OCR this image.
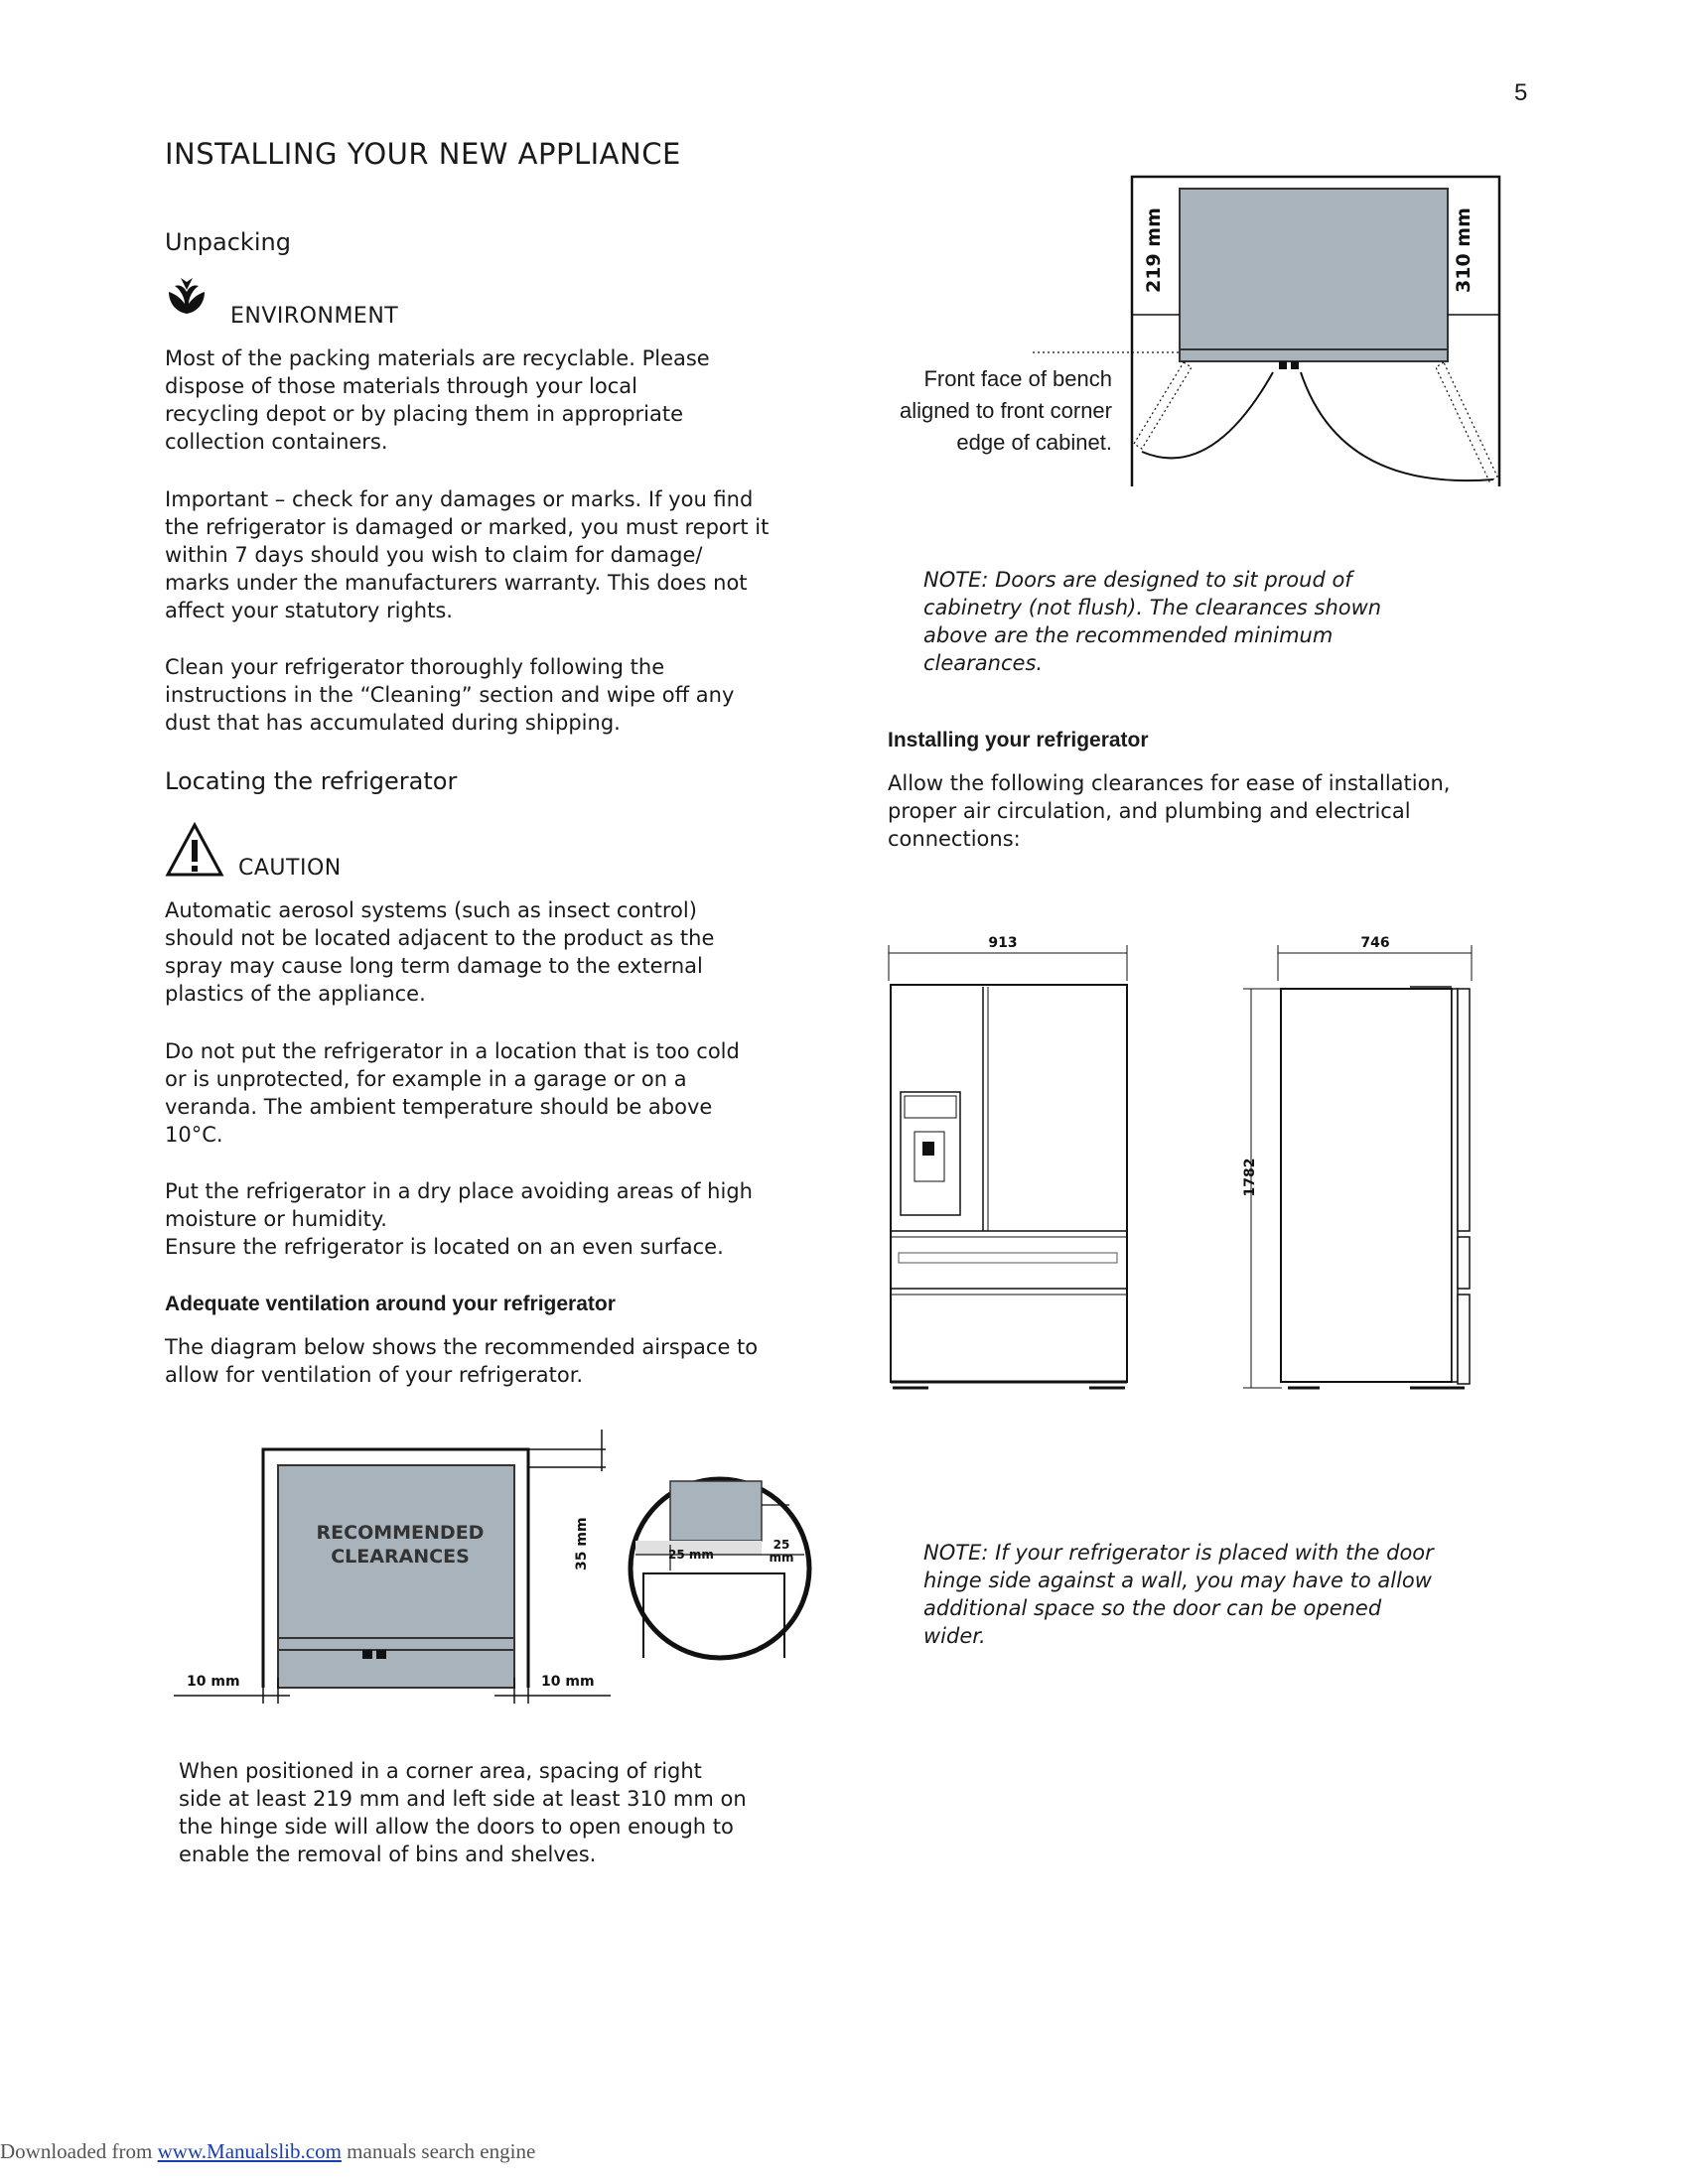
5
INSTALLING YOUR NEW APPLIANCE
Unpacking
ENVIRONMENT
Most of the packing materials are recyclable. Please
dispose of those materials through your local
recycling depot or by placing them in appropriate
collection containers.
Important – check for any damages or marks. If you find
the refrigerator is damaged or marked, you must report it
within 7 days should you wish to claim for damage/
marks under the manufacturers warranty. This does not
affect your statutory rights.
Clean your refrigerator thoroughly following the
instructions in the “Cleaning” section and wipe off any
dust that has accumulated during shipping.
Locating the refrigerator
CAUTION
Automatic aerosol systems (such as insect control)
should not be located adjacent to the product as the
spray may cause long term damage to the external
plastics of the appliance.
Do not put the refrigerator in a location that is too cold
or is unprotected, for example in a garage or on a
veranda. The ambient temperature should be above
10°C.
Put the refrigerator in a dry place avoiding areas of high
moisture or humidity.
Ensure the refrigerator is located on an even surface.
Adequate ventilation around your refrigerator
The diagram below shows the recommended airspace to
allow for ventilation of your refrigerator.
RECOMMENDED
CLEARANCES	35 mm
10 mm	10 mm
25 mm
25
mm
When positioned in a corner area, spacing of right
side at least 219 mm and left side at least 310 mm on
the hinge side will allow the doors to open enough to
enable the removal of bins and shelves.
219 mm	310 mm
Front face of bench
aligned to front corner
edge of cabinet.
NOTE: Doors are designed to sit proud of
cabinetry (not flush). The clearances shown
above are the recommended minimum
clearances.
Installing your refrigerator
Allow the following clearances for ease of installation,
proper air circulation, and plumbing and electrical
connections:
913	746
1782
NOTE: If your refrigerator is placed with the door
hinge side against a wall, you may have to allow
additional space so the door can be opened
wider.
Downloaded from www.Manualslib.com manuals search engine
